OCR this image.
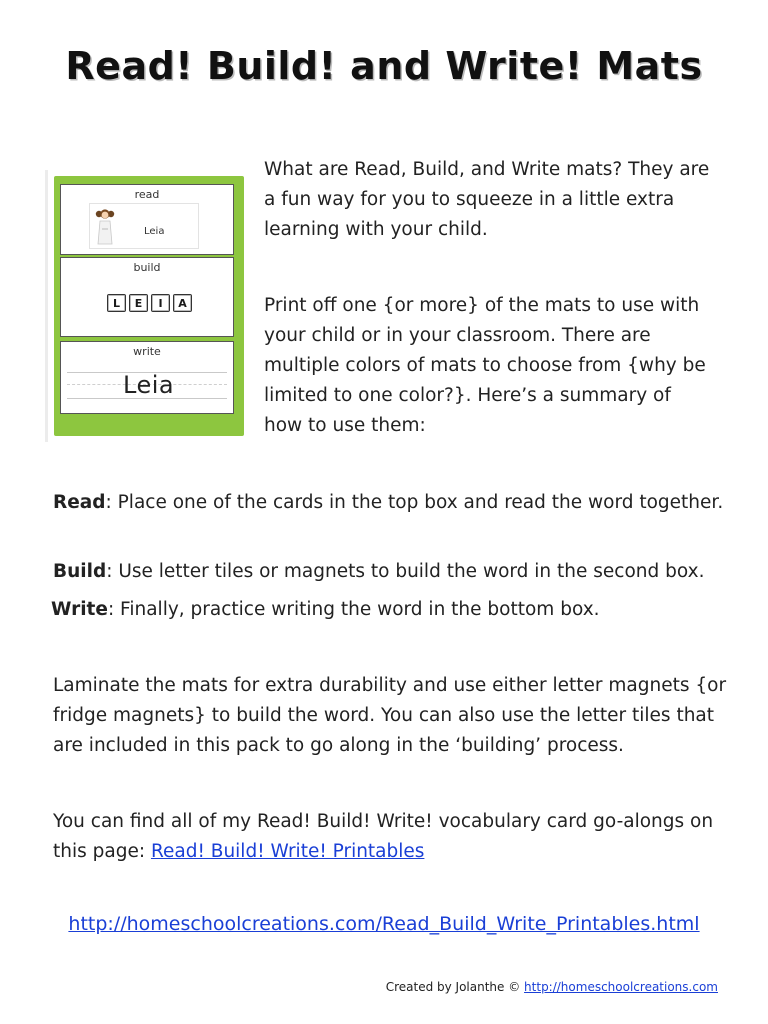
Read! Build! and Write! Mats
read
Leia
build
L	E	I	A
write
Leia
What are Read, Build, and Write mats? They are a fun way for you to squeeze in a little extra learning with your child.
Print off one {or more} of the mats to use with your child or in your classroom. There are multiple colors of mats to choose from {why be limited to one color?}. Here’s a summary of how to use them:
Read: Place one of the cards in the top box and read the word together.
Build: Use letter tiles or magnets to build the word in the second box.
Write: Finally, practice writing the word in the bottom box.
Laminate the mats for extra durability and use either letter magnets {or fridge magnets} to build the word. You can also use the letter tiles that are included in this pack to go along in the ‘building’ process.
You can find all of my Read! Build! Write! vocabulary card go-alongs on this page: Read! Build! Write! Printables
http://homeschoolcreations.com/Read_Build_Write_Printables.html
Created by Jolanthe © http://homeschoolcreations.com
